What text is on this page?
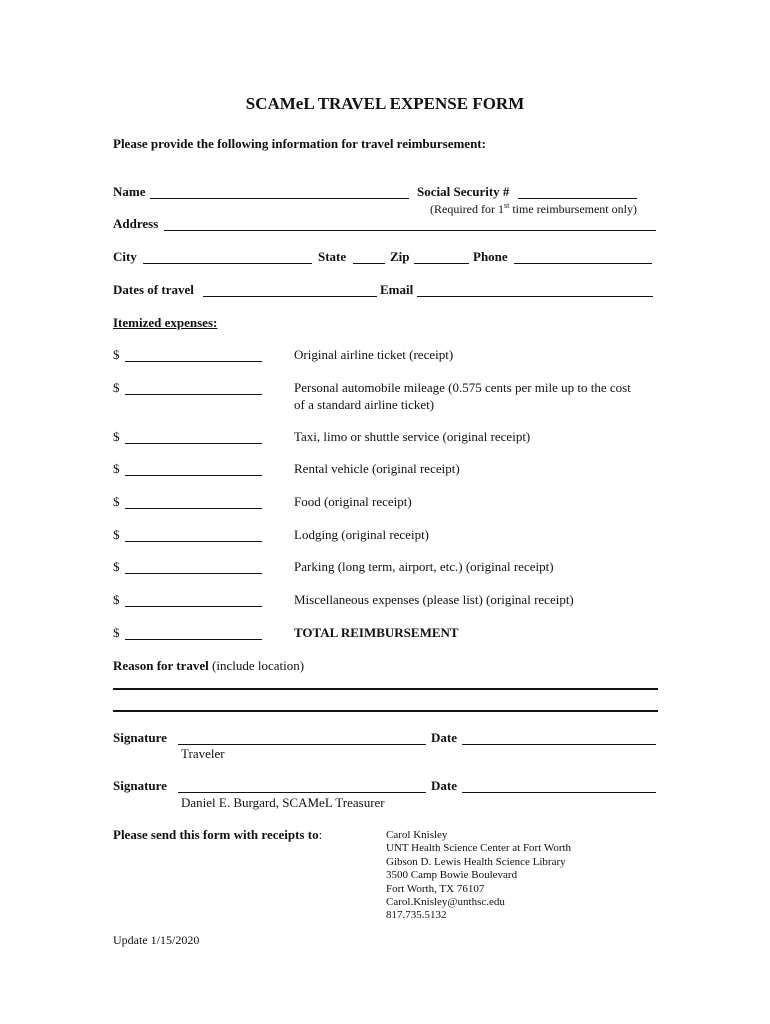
SCAMeL TRAVEL EXPENSE FORM
Please provide the following information for travel reimbursement:
Name	Social Security #
(Required for 1st time reimbursement only)
Address
City	State	Zip	Phone
Dates of travel	Email
Itemized expenses:
$	Original airline ticket (receipt)
$	Personal automobile mileage (0.575 cents per mile up to the cost
of a standard airline ticket)
$	Taxi, limo or shuttle service (original receipt)
$	Rental vehicle (original receipt)
$	Food (original receipt)
$	Lodging (original receipt)
$	Parking (long term, airport, etc.) (original receipt)
$	Miscellaneous expenses (please list) (original receipt)
$	TOTAL REIMBURSEMENT
Reason for travel (include location)
Signature	Date
Traveler
Signature	Date
Daniel E. Burgard, SCAMeL Treasurer
Please send this form with receipts to:	Carol Knisley
UNT Health Science Center at Fort Worth
Gibson D. Lewis Health Science Library
3500 Camp Bowie Boulevard
Fort Worth, TX 76107
Carol.Knisley@unthsc.edu
817.735.5132
Update 1/15/2020
